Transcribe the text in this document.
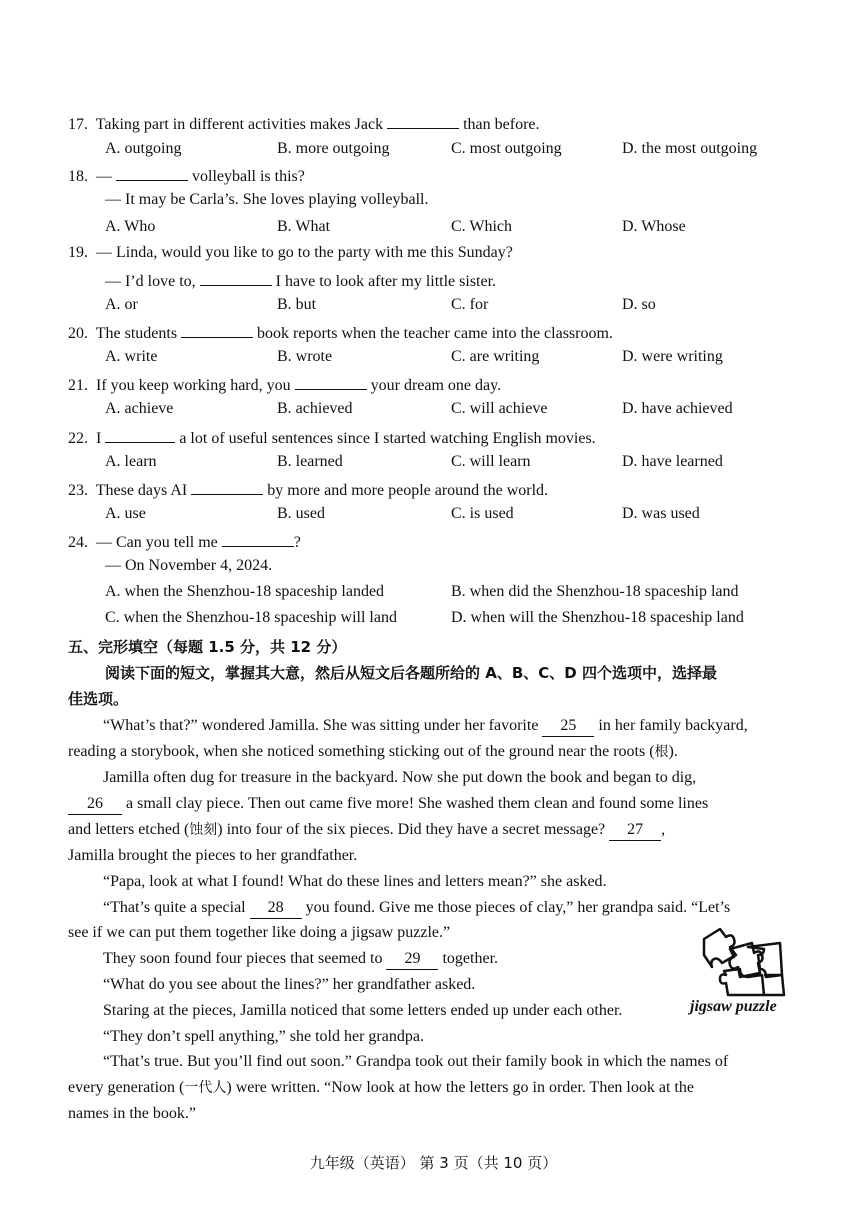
17. Taking part in different activities makes Jack	than before.
A. outgoing	B. more outgoing	C. most outgoing	D. the most outgoing
18. —	volleyball is this?
— It may be Carla’s. She loves playing volleyball.
A. Who	B. What	C. Which	D. Whose
19. — Linda, would you like to go to the party with me this Sunday?
— I’d love to,	I have to look after my little sister.
A. or	B. but	C. for	D. so
20. The students	book reports when the teacher came into the classroom.
A. write	B. wrote	C. are writing	D. were writing
21. If you keep working hard, you	your dream one day.
A. achieve	B. achieved	C. will achieve	D. have achieved
22. I	a lot of useful sentences since I started watching English movies.
A. learn	B. learned	C. will learn	D. have learned
23. These days AI	by more and more people around the world.
A. use	B. used	C. is used	D. was used
24. — Can you tell me	?
— On November 4, 2024.
A. when the Shenzhou-18 spaceship landed	B. when did the Shenzhou-18 spaceship land
C. when the Shenzhou-18 spaceship will land	D. when will the Shenzhou-18 spaceship land
五、完形填空（每题 1.5 分，共 12 分）
阅读下面的短文，掌握其大意，然后从短文后各题所给的 A、B、C、D 四个选项中，选择最
佳选项。
“What’s that?” wondered Jamilla. She was sitting under her favorite 25 in her family backyard,
reading a storybook, when she noticed something sticking out of the ground near the roots (根).
Jamilla often dug for treasure in the backyard. Now she put down the book and began to dig,
26 a small clay piece. Then out came five more! She washed them clean and found some lines
and letters etched (蚀刻) into four of the six pieces. Did they have a secret message? 27 ,
Jamilla brought the pieces to her grandfather.
“Papa, look at what I found! What do these lines and letters mean?” she asked.
“That’s quite a special 28 you found. Give me those pieces of clay,” her grandpa said. “Let’s
see if we can put them together like doing a jigsaw puzzle.”
They soon found four pieces that seemed to 29 together.
“What do you see about the lines?” her grandfather asked.
Staring at the pieces, Jamilla noticed that some letters ended up under each other.
“They don’t spell anything,” she told her grandpa.
“That’s true. But you’ll find out soon.” Grandpa took out their family book in which the names of
every generation (一代人) were written. “Now look at how the letters go in order. Then look at the
names in the book.”
jigsaw puzzle
九年级（英语） 第 3 页（共 10 页）
